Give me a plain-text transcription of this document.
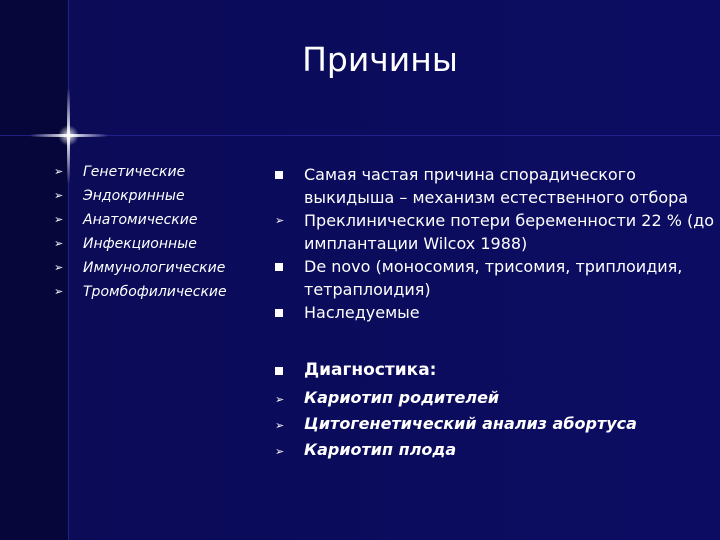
Причины
➢ Генетические
➢ Эндокринные
➢ Анатомические
➢ Инфекционные
➢ Иммунологические
➢ Тромбофилические
Самая частая причина спорадического выкидыша – механизм естественного отбора
➢ Преклинические потери беременности 22 % (до имплантации Wilcox 1988)
De novo (моносомия, трисомия, триплоидия, тетраплоидия)
Наследуемые
Диагностика:
➢ Кариотип родителей
➢ Цитогенетический анализ абортуса
➢ Кариотип плода
